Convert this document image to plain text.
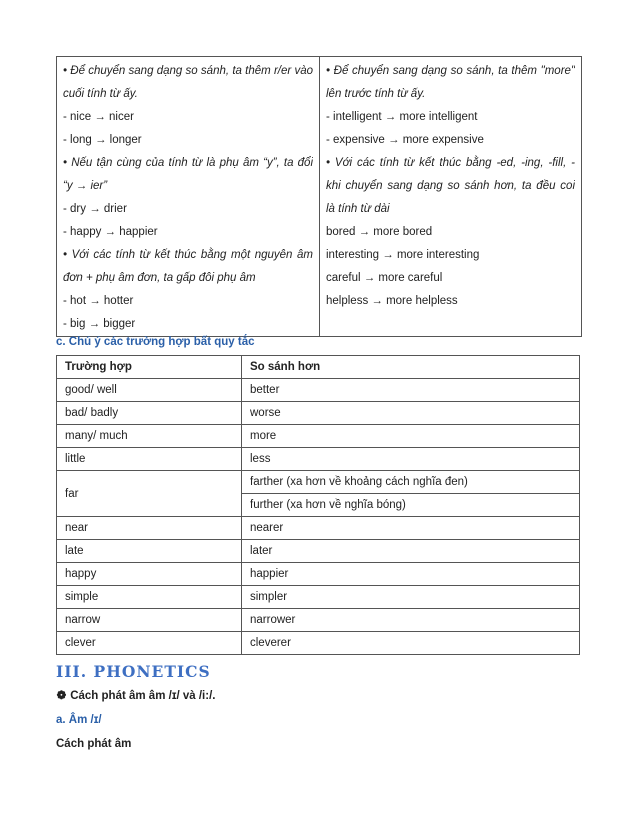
• Để chuyển sang dạng so sánh, ta thêm r/er vào
cuối tính từ ấy.
- nice → nicer
- long → longer
• Nếu tận cùng của tính từ là phụ âm “y”, ta đổi
“y → ier”
- dry → drier
- happy → happier
• Với các tính từ kết thúc bằng một nguyên âm
đơn + phụ âm đơn, ta gấp đôi phụ âm
- hot → hotter
- big → bigger
• Để chuyển sang dạng so sánh, ta thêm "more"
lên trước tính từ ấy.
- intelligent → more intelligent
- expensive → more expensive
• Với các tính từ kết thúc bằng -ed, -ing, -fill, -
khi chuyển sang dạng so sánh hơn, ta đều coi
là tính từ dài
bored → more bored
interesting → more interesting
careful → more careful
helpless → more helpless
c. Chú ý các trường hợp bất quy tắc
Trường hợp	So sánh hơn
good/ well	better
bad/ badly	worse
many/ much	more
little	less
far	farther (xa hơn về khoảng cách nghĩa đen)
	further (xa hơn về nghĩa bóng)
near	nearer
late	later
happy	happier
simple	simpler
narrow	narrower
clever	cleverer
III. PHONETICS
❁ Cách phát âm âm /ɪ/ và /i:/.
a. Âm /ɪ/
Cách phát âm
